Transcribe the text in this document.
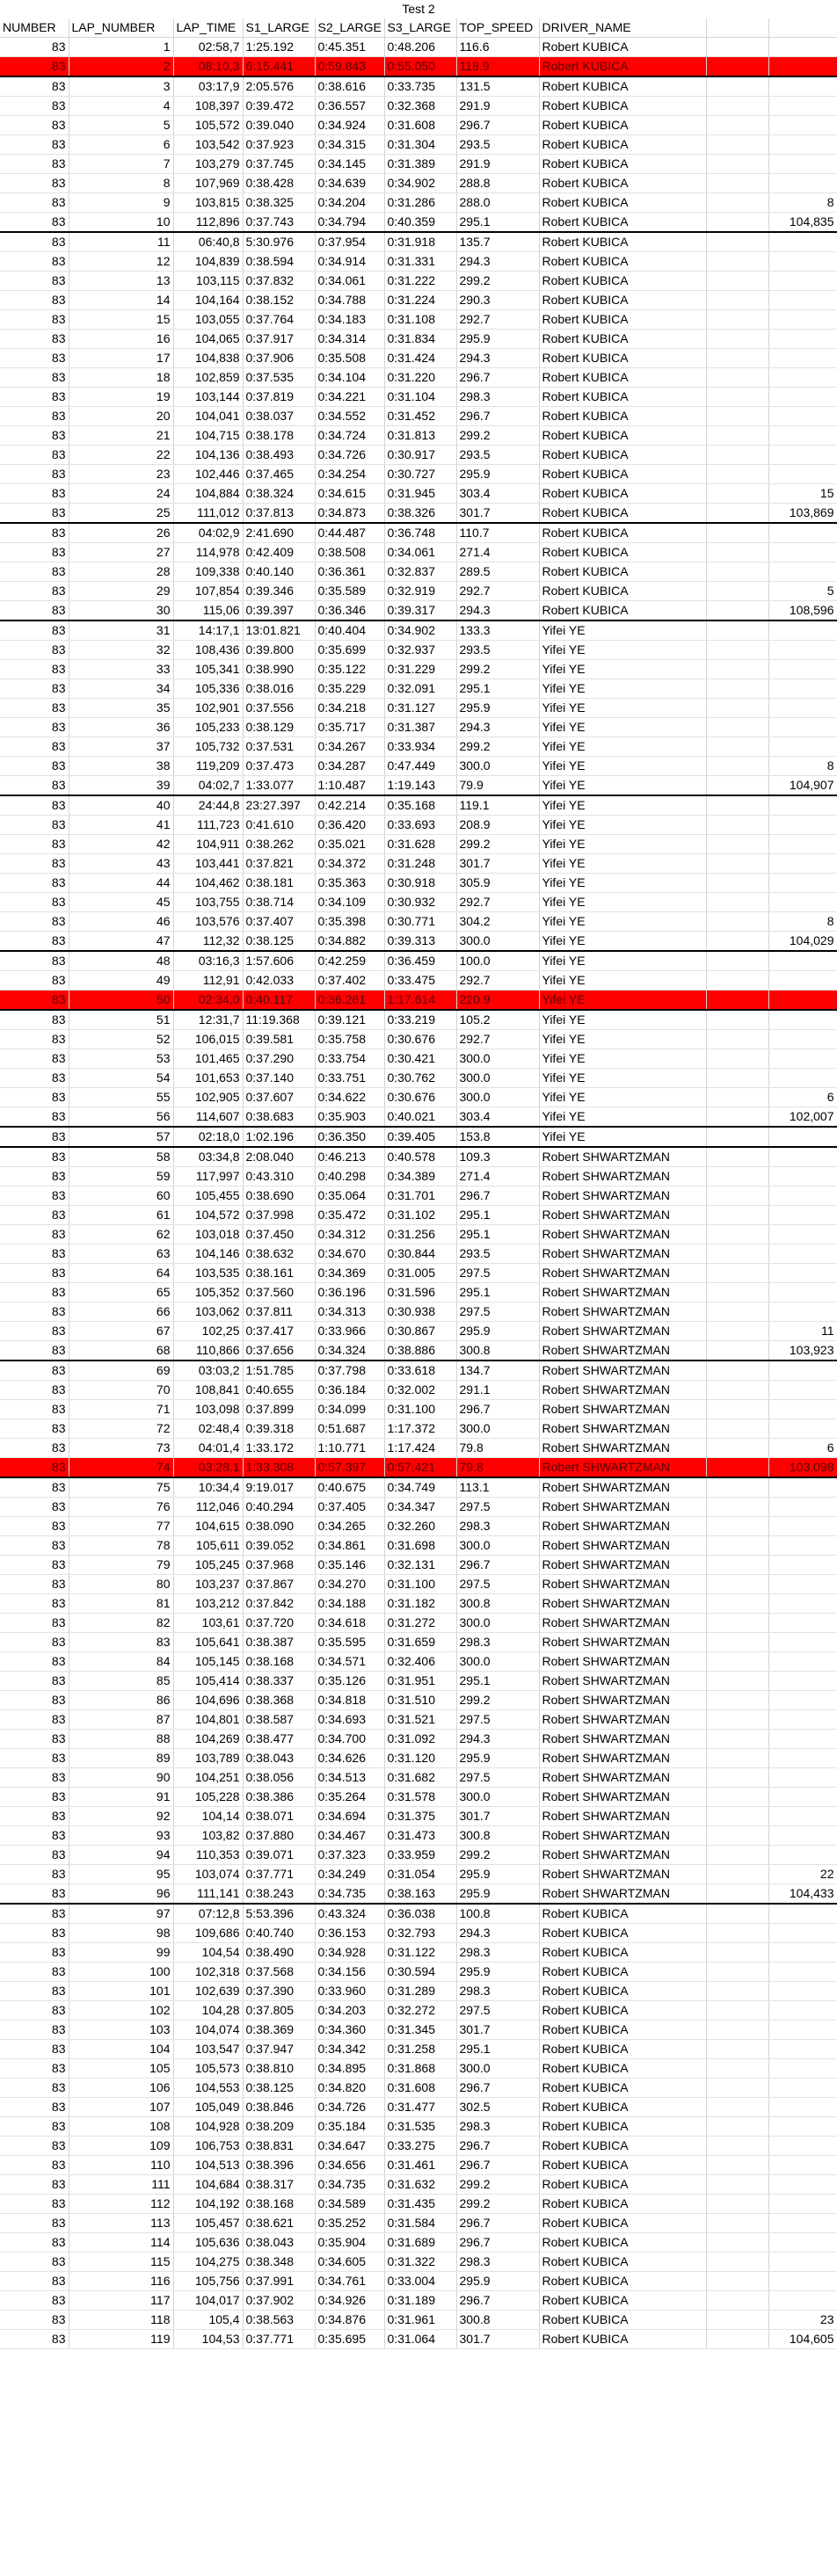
Test 2
NUMBER	LAP_NUMBER	LAP_TIME	S1_LARGE	S2_LARGE	S3_LARGE	TOP_SPEED	DRIVER_NAME		
83	1	02:58,7	1:25.192	0:45.351	0:48.206	116.6	Robert KUBICA		
83	2	08:10,3	6:15.441	0:59.843	0:55.050	118.9	Robert KUBICA		
83	3	03:17,9	2:05.576	0:38.616	0:33.735	131.5	Robert KUBICA		
83	4	108,397	0:39.472	0:36.557	0:32.368	291.9	Robert KUBICA		
83	5	105,572	0:39.040	0:34.924	0:31.608	296.7	Robert KUBICA		
83	6	103,542	0:37.923	0:34.315	0:31.304	293.5	Robert KUBICA		
83	7	103,279	0:37.745	0:34.145	0:31.389	291.9	Robert KUBICA		
83	8	107,969	0:38.428	0:34.639	0:34.902	288.8	Robert KUBICA		
83	9	103,815	0:38.325	0:34.204	0:31.286	288.0	Robert KUBICA		8
83	10	112,896	0:37.743	0:34.794	0:40.359	295.1	Robert KUBICA		104,835
83	11	06:40,8	5:30.976	0:37.954	0:31.918	135.7	Robert KUBICA		
83	12	104,839	0:38.594	0:34.914	0:31.331	294.3	Robert KUBICA		
83	13	103,115	0:37.832	0:34.061	0:31.222	299.2	Robert KUBICA		
83	14	104,164	0:38.152	0:34.788	0:31.224	290.3	Robert KUBICA		
83	15	103,055	0:37.764	0:34.183	0:31.108	292.7	Robert KUBICA		
83	16	104,065	0:37.917	0:34.314	0:31.834	295.9	Robert KUBICA		
83	17	104,838	0:37.906	0:35.508	0:31.424	294.3	Robert KUBICA		
83	18	102,859	0:37.535	0:34.104	0:31.220	296.7	Robert KUBICA		
83	19	103,144	0:37.819	0:34.221	0:31.104	298.3	Robert KUBICA		
83	20	104,041	0:38.037	0:34.552	0:31.452	296.7	Robert KUBICA		
83	21	104,715	0:38.178	0:34.724	0:31.813	299.2	Robert KUBICA		
83	22	104,136	0:38.493	0:34.726	0:30.917	293.5	Robert KUBICA		
83	23	102,446	0:37.465	0:34.254	0:30.727	295.9	Robert KUBICA		
83	24	104,884	0:38.324	0:34.615	0:31.945	303.4	Robert KUBICA		15
83	25	111,012	0:37.813	0:34.873	0:38.326	301.7	Robert KUBICA		103,869
83	26	04:02,9	2:41.690	0:44.487	0:36.748	110.7	Robert KUBICA		
83	27	114,978	0:42.409	0:38.508	0:34.061	271.4	Robert KUBICA		
83	28	109,338	0:40.140	0:36.361	0:32.837	289.5	Robert KUBICA		
83	29	107,854	0:39.346	0:35.589	0:32.919	292.7	Robert KUBICA		5
83	30	115,06	0:39.397	0:36.346	0:39.317	294.3	Robert KUBICA		108,596
83	31	14:17,1	13:01.821	0:40.404	0:34.902	133.3	Yifei YE		
83	32	108,436	0:39.800	0:35.699	0:32.937	293.5	Yifei YE		
83	33	105,341	0:38.990	0:35.122	0:31.229	299.2	Yifei YE		
83	34	105,336	0:38.016	0:35.229	0:32.091	295.1	Yifei YE		
83	35	102,901	0:37.556	0:34.218	0:31.127	295.9	Yifei YE		
83	36	105,233	0:38.129	0:35.717	0:31.387	294.3	Yifei YE		
83	37	105,732	0:37.531	0:34.267	0:33.934	299.2	Yifei YE		
83	38	119,209	0:37.473	0:34.287	0:47.449	300.0	Yifei YE		8
83	39	04:02,7	1:33.077	1:10.487	1:19.143	79.9	Yifei YE		104,907
83	40	24:44,8	23:27.397	0:42.214	0:35.168	119.1	Yifei YE		
83	41	111,723	0:41.610	0:36.420	0:33.693	208.9	Yifei YE		
83	42	104,911	0:38.262	0:35.021	0:31.628	299.2	Yifei YE		
83	43	103,441	0:37.821	0:34.372	0:31.248	301.7	Yifei YE		
83	44	104,462	0:38.181	0:35.363	0:30.918	305.9	Yifei YE		
83	45	103,755	0:38.714	0:34.109	0:30.932	292.7	Yifei YE		
83	46	103,576	0:37.407	0:35.398	0:30.771	304.2	Yifei YE		8
83	47	112,32	0:38.125	0:34.882	0:39.313	300.0	Yifei YE		104,029
83	48	03:16,3	1:57.606	0:42.259	0:36.459	100.0	Yifei YE		
83	49	112,91	0:42.033	0:37.402	0:33.475	292.7	Yifei YE		
83	50	02:34,0	0:40.117	0:36.261	1:17.614	220.9	Yifei YE		
83	51	12:31,7	11:19.368	0:39.121	0:33.219	105.2	Yifei YE		
83	52	106,015	0:39.581	0:35.758	0:30.676	292.7	Yifei YE		
83	53	101,465	0:37.290	0:33.754	0:30.421	300.0	Yifei YE		
83	54	101,653	0:37.140	0:33.751	0:30.762	300.0	Yifei YE		
83	55	102,905	0:37.607	0:34.622	0:30.676	300.0	Yifei YE		6
83	56	114,607	0:38.683	0:35.903	0:40.021	303.4	Yifei YE		102,007
83	57	02:18,0	1:02.196	0:36.350	0:39.405	153.8	Yifei YE		
83	58	03:34,8	2:08.040	0:46.213	0:40.578	109.3	Robert SHWARTZMAN		
83	59	117,997	0:43.310	0:40.298	0:34.389	271.4	Robert SHWARTZMAN		
83	60	105,455	0:38.690	0:35.064	0:31.701	296.7	Robert SHWARTZMAN		
83	61	104,572	0:37.998	0:35.472	0:31.102	295.1	Robert SHWARTZMAN		
83	62	103,018	0:37.450	0:34.312	0:31.256	295.1	Robert SHWARTZMAN		
83	63	104,146	0:38.632	0:34.670	0:30.844	293.5	Robert SHWARTZMAN		
83	64	103,535	0:38.161	0:34.369	0:31.005	297.5	Robert SHWARTZMAN		
83	65	105,352	0:37.560	0:36.196	0:31.596	295.1	Robert SHWARTZMAN		
83	66	103,062	0:37.811	0:34.313	0:30.938	297.5	Robert SHWARTZMAN		
83	67	102,25	0:37.417	0:33.966	0:30.867	295.9	Robert SHWARTZMAN		11
83	68	110,866	0:37.656	0:34.324	0:38.886	300.8	Robert SHWARTZMAN		103,923
83	69	03:03,2	1:51.785	0:37.798	0:33.618	134.7	Robert SHWARTZMAN		
83	70	108,841	0:40.655	0:36.184	0:32.002	291.1	Robert SHWARTZMAN		
83	71	103,098	0:37.899	0:34.099	0:31.100	296.7	Robert SHWARTZMAN		
83	72	02:48,4	0:39.318	0:51.687	1:17.372	300.0	Robert SHWARTZMAN		
83	73	04:01,4	1:33.172	1:10.771	1:17.424	79.8	Robert SHWARTZMAN		6
83	74	03:28,1	1:33.308	0:57.397	0:57.421	79.8	Robert SHWARTZMAN		103,098
83	75	10:34,4	9:19.017	0:40.675	0:34.749	113.1	Robert SHWARTZMAN		
83	76	112,046	0:40.294	0:37.405	0:34.347	297.5	Robert SHWARTZMAN		
83	77	104,615	0:38.090	0:34.265	0:32.260	298.3	Robert SHWARTZMAN		
83	78	105,611	0:39.052	0:34.861	0:31.698	300.0	Robert SHWARTZMAN		
83	79	105,245	0:37.968	0:35.146	0:32.131	296.7	Robert SHWARTZMAN		
83	80	103,237	0:37.867	0:34.270	0:31.100	297.5	Robert SHWARTZMAN		
83	81	103,212	0:37.842	0:34.188	0:31.182	300.8	Robert SHWARTZMAN		
83	82	103,61	0:37.720	0:34.618	0:31.272	300.0	Robert SHWARTZMAN		
83	83	105,641	0:38.387	0:35.595	0:31.659	298.3	Robert SHWARTZMAN		
83	84	105,145	0:38.168	0:34.571	0:32.406	300.0	Robert SHWARTZMAN		
83	85	105,414	0:38.337	0:35.126	0:31.951	295.1	Robert SHWARTZMAN		
83	86	104,696	0:38.368	0:34.818	0:31.510	299.2	Robert SHWARTZMAN		
83	87	104,801	0:38.587	0:34.693	0:31.521	297.5	Robert SHWARTZMAN		
83	88	104,269	0:38.477	0:34.700	0:31.092	294.3	Robert SHWARTZMAN		
83	89	103,789	0:38.043	0:34.626	0:31.120	295.9	Robert SHWARTZMAN		
83	90	104,251	0:38.056	0:34.513	0:31.682	297.5	Robert SHWARTZMAN		
83	91	105,228	0:38.386	0:35.264	0:31.578	300.0	Robert SHWARTZMAN		
83	92	104,14	0:38.071	0:34.694	0:31.375	301.7	Robert SHWARTZMAN		
83	93	103,82	0:37.880	0:34.467	0:31.473	300.8	Robert SHWARTZMAN		
83	94	110,353	0:39.071	0:37.323	0:33.959	299.2	Robert SHWARTZMAN		
83	95	103,074	0:37.771	0:34.249	0:31.054	295.9	Robert SHWARTZMAN		22
83	96	111,141	0:38.243	0:34.735	0:38.163	295.9	Robert SHWARTZMAN		104,433
83	97	07:12,8	5:53.396	0:43.324	0:36.038	100.8	Robert KUBICA		
83	98	109,686	0:40.740	0:36.153	0:32.793	294.3	Robert KUBICA		
83	99	104,54	0:38.490	0:34.928	0:31.122	298.3	Robert KUBICA		
83	100	102,318	0:37.568	0:34.156	0:30.594	295.9	Robert KUBICA		
83	101	102,639	0:37.390	0:33.960	0:31.289	298.3	Robert KUBICA		
83	102	104,28	0:37.805	0:34.203	0:32.272	297.5	Robert KUBICA		
83	103	104,074	0:38.369	0:34.360	0:31.345	301.7	Robert KUBICA		
83	104	103,547	0:37.947	0:34.342	0:31.258	295.1	Robert KUBICA		
83	105	105,573	0:38.810	0:34.895	0:31.868	300.0	Robert KUBICA		
83	106	104,553	0:38.125	0:34.820	0:31.608	296.7	Robert KUBICA		
83	107	105,049	0:38.846	0:34.726	0:31.477	302.5	Robert KUBICA		
83	108	104,928	0:38.209	0:35.184	0:31.535	298.3	Robert KUBICA		
83	109	106,753	0:38.831	0:34.647	0:33.275	296.7	Robert KUBICA		
83	110	104,513	0:38.396	0:34.656	0:31.461	296.7	Robert KUBICA		
83	111	104,684	0:38.317	0:34.735	0:31.632	299.2	Robert KUBICA		
83	112	104,192	0:38.168	0:34.589	0:31.435	299.2	Robert KUBICA		
83	113	105,457	0:38.621	0:35.252	0:31.584	296.7	Robert KUBICA		
83	114	105,636	0:38.043	0:35.904	0:31.689	296.7	Robert KUBICA		
83	115	104,275	0:38.348	0:34.605	0:31.322	298.3	Robert KUBICA		
83	116	105,756	0:37.991	0:34.761	0:33.004	295.9	Robert KUBICA		
83	117	104,017	0:37.902	0:34.926	0:31.189	296.7	Robert KUBICA		
83	118	105,4	0:38.563	0:34.876	0:31.961	300.8	Robert KUBICA		23
83	119	104,53	0:37.771	0:35.695	0:31.064	301.7	Robert KUBICA		104,605
